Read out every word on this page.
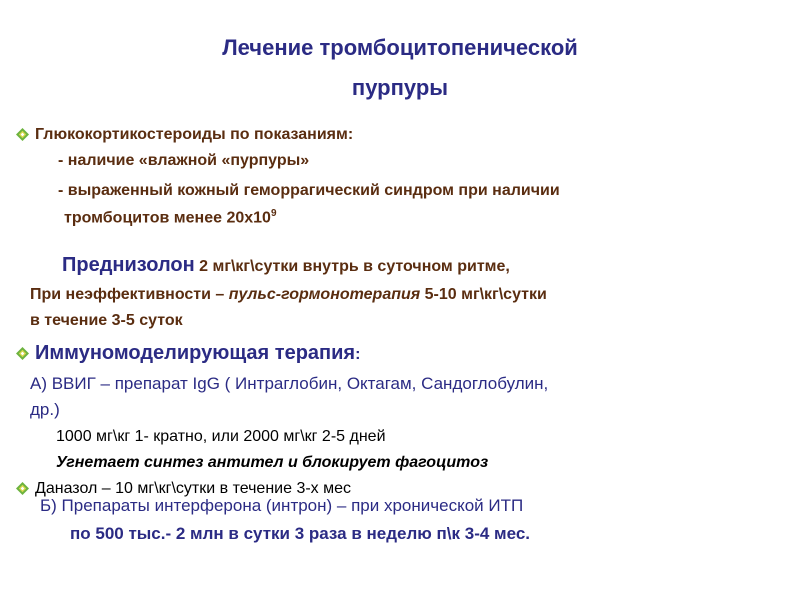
Лечение тромбоцитопенической
пурпуры
Глюкокортикостероиды по показаниям:
- наличие «влажной «пурпуры»
- выраженный кожный геморрагический синдром при наличии
тромбоцитов менее $20х10^9$
Преднизолон 2 мг\кг\сутки внутрь в суточном ритме,
При неэффективности – пульс-гормонотерапия 5-10 мг\кг\сутки
в течение 3-5 суток
Иммуномоделирующая терапия:
А) ВВИГ – препарат IgG ( Интраглобин, Октагам, Сандоглобулин,
др.)
1000 мг\кг 1- кратно, или 2000 мг\кг 2-5 дней
Угнетает синтез антител и блокирует фагоцитоз
Даназол – 10 мг\кг\сутки в течение 3-х мес
Б) Препараты интерферона (интрон) – при хронической ИТП
по 500 тыс.- 2 млн в сутки 3 раза в неделю п\к 3-4 мес.
